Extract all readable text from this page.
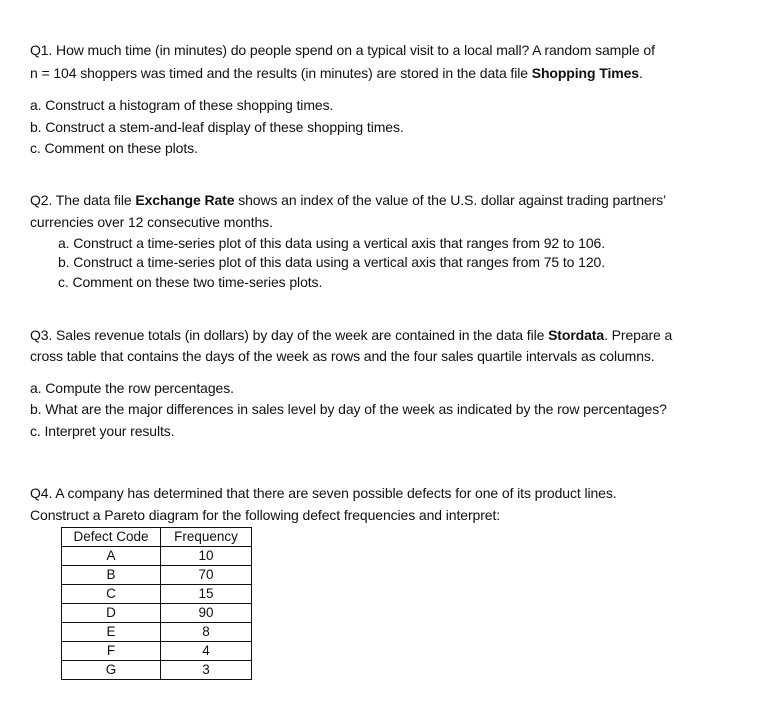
Q1. How much time (in minutes) do people spend on a typical visit to a local mall? A random sample of
n = 104 shoppers was timed and the results (in minutes) are stored in the data file Shopping Times.
a. Construct a histogram of these shopping times.
b. Construct a stem-and-leaf display of these shopping times.
c. Comment on these plots.
Q2. The data file Exchange Rate shows an index of the value of the U.S. dollar against trading partners’
currencies over 12 consecutive months.
a. Construct a time-series plot of this data using a vertical axis that ranges from 92 to 106.
b. Construct a time-series plot of this data using a vertical axis that ranges from 75 to 120.
c. Comment on these two time-series plots.
Q3. Sales revenue totals (in dollars) by day of the week are contained in the data file Stordata. Prepare a
cross table that contains the days of the week as rows and the four sales quartile intervals as columns.
a. Compute the row percentages.
b. What are the major differences in sales level by day of the week as indicated by the row percentages?
c. Interpret your results.
Q4. A company has determined that there are seven possible defects for one of its product lines.
Construct a Pareto diagram for the following defect frequencies and interpret:
Defect Code	Frequency
A	10
B	70
C	15
D	90
E	8
F	4
G	3
